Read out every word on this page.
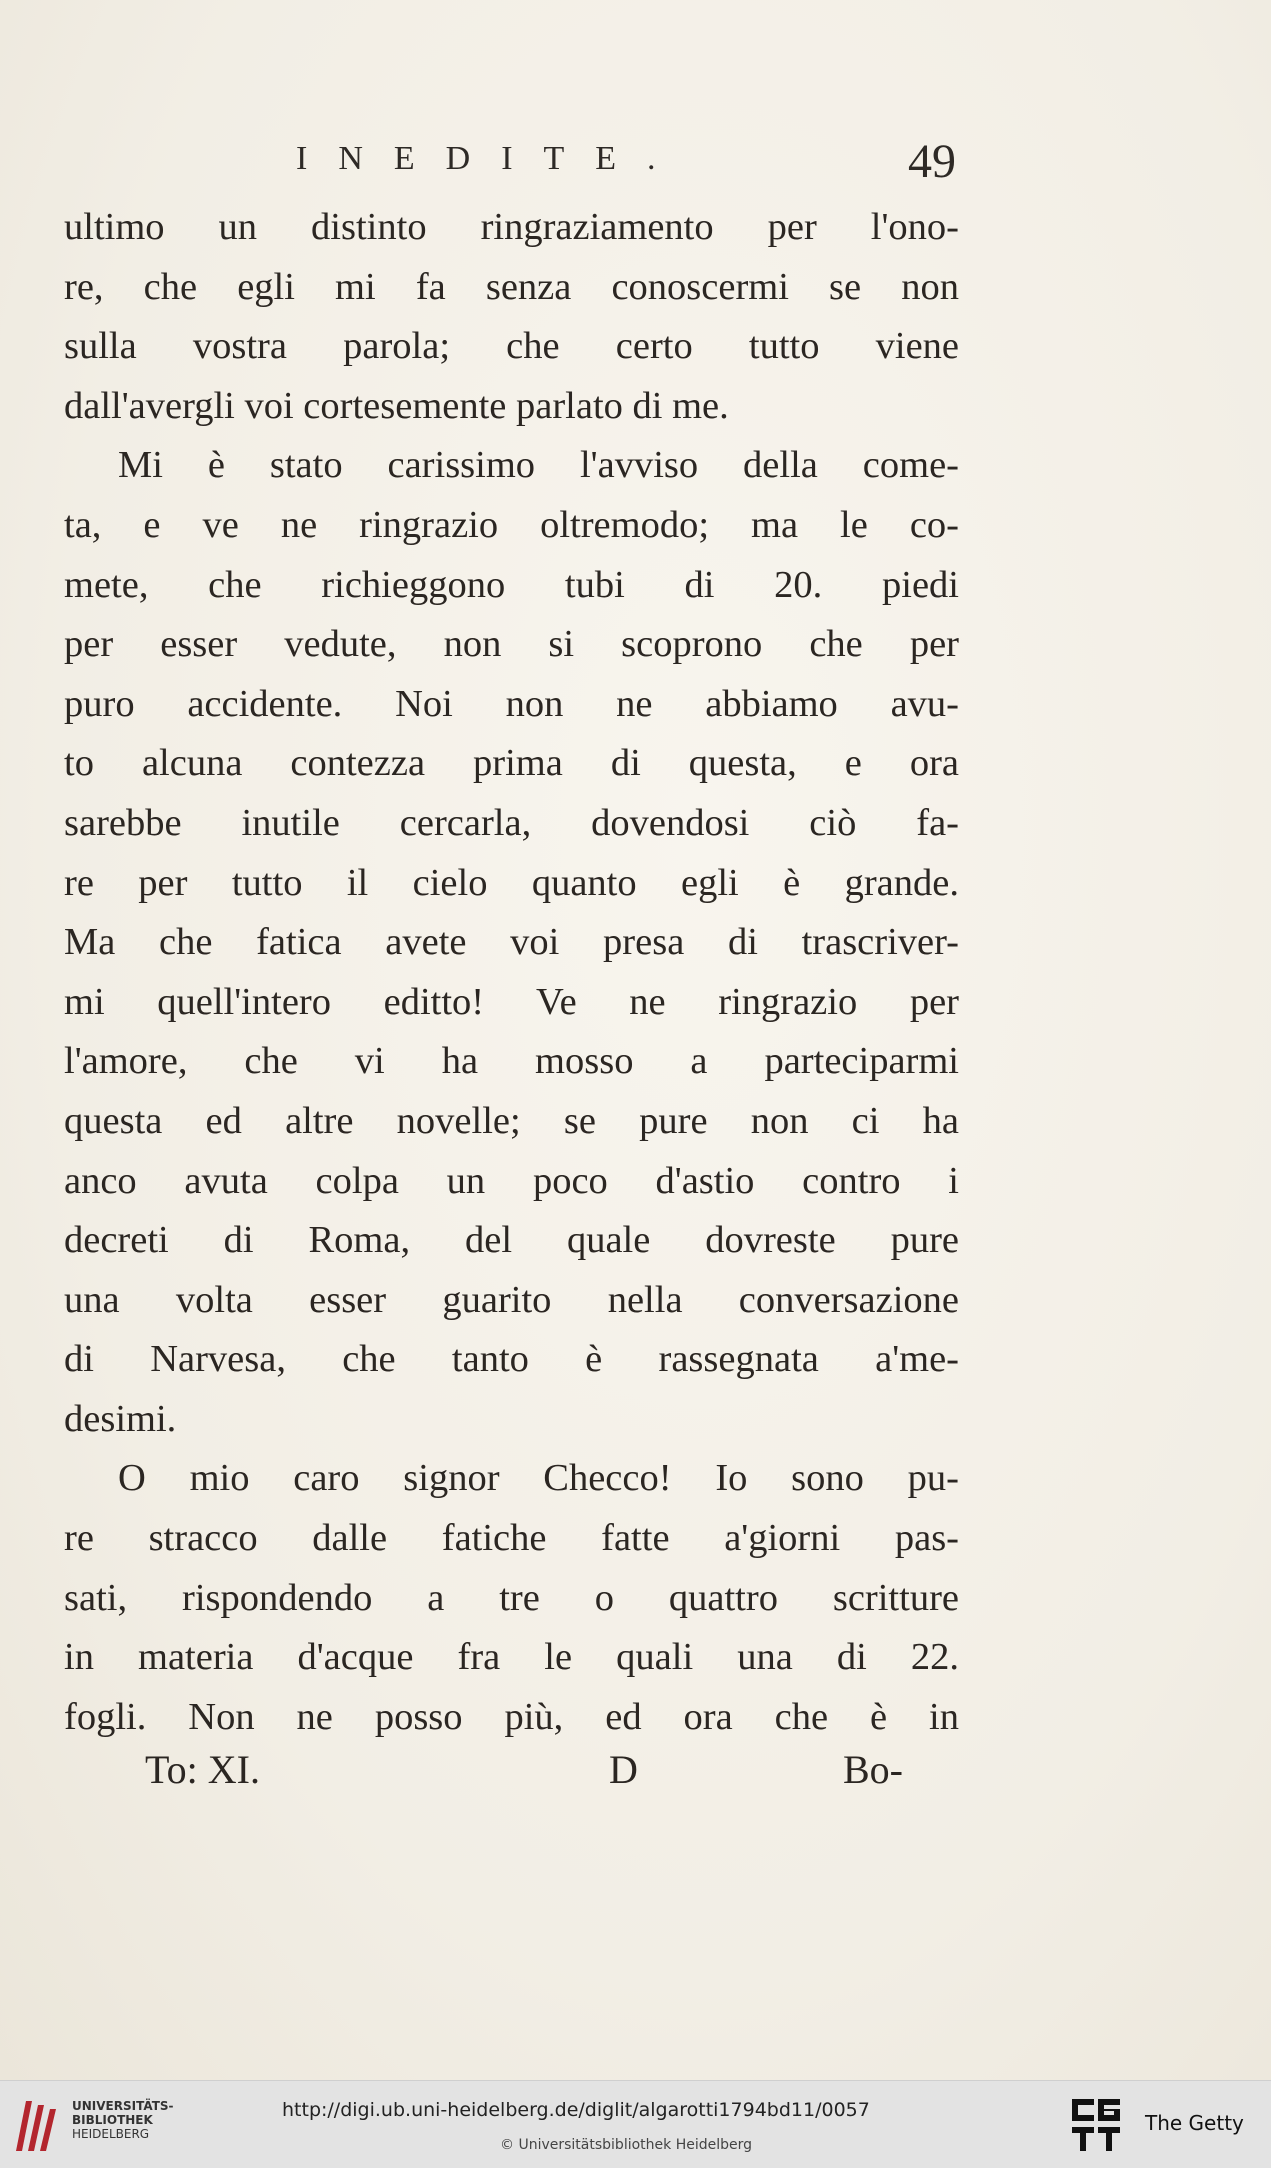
INEDITE.	49
ultimo un distinto ringraziamento per l'ono-
re, che egli mi fa senza conoscermi se non
sulla vostra parola; che certo tutto viene
dall'avergli voi cortesemente parlato di me.
Mi è stato carissimo l'avviso della come-
ta, e ve ne ringrazio oltremodo; ma le co-
mete, che richieggono tubi di 20. piedi
per esser vedute, non si scoprono che per
puro accidente. Noi non ne abbiamo avu-
to alcuna contezza prima di questa, e ora
sarebbe inutile cercarla, dovendosi ciò fa-
re per tutto il cielo quanto egli è grande.
Ma che fatica avete voi presa di trascriver-
mi quell'intero editto! Ve ne ringrazio per
l'amore, che vi ha mosso a parteciparmi
questa ed altre novelle; se pure non ci ha
anco avuta colpa un poco d'astio contro i
decreti di Roma, del quale dovreste pure
una volta esser guarito nella conversazione
di Narvesa, che tanto è rassegnata a'me-
desimi.
O mio caro signor Checco! Io sono pu-
re stracco dalle fatiche fatte a'giorni pas-
sati, rispondendo a tre o quattro scritture
in materia d'acque fra le quali una di 22.
fogli. Non ne posso più, ed ora che è in
To: XI.	D	Bo-
UNIVERSITÄTS-
BIBLIOTHEK
HEIDELBERG
http://digi.ub.uni-heidelberg.de/diglit/algarotti1794bd11/0057
© Universitätsbibliothek Heidelberg
The Getty
